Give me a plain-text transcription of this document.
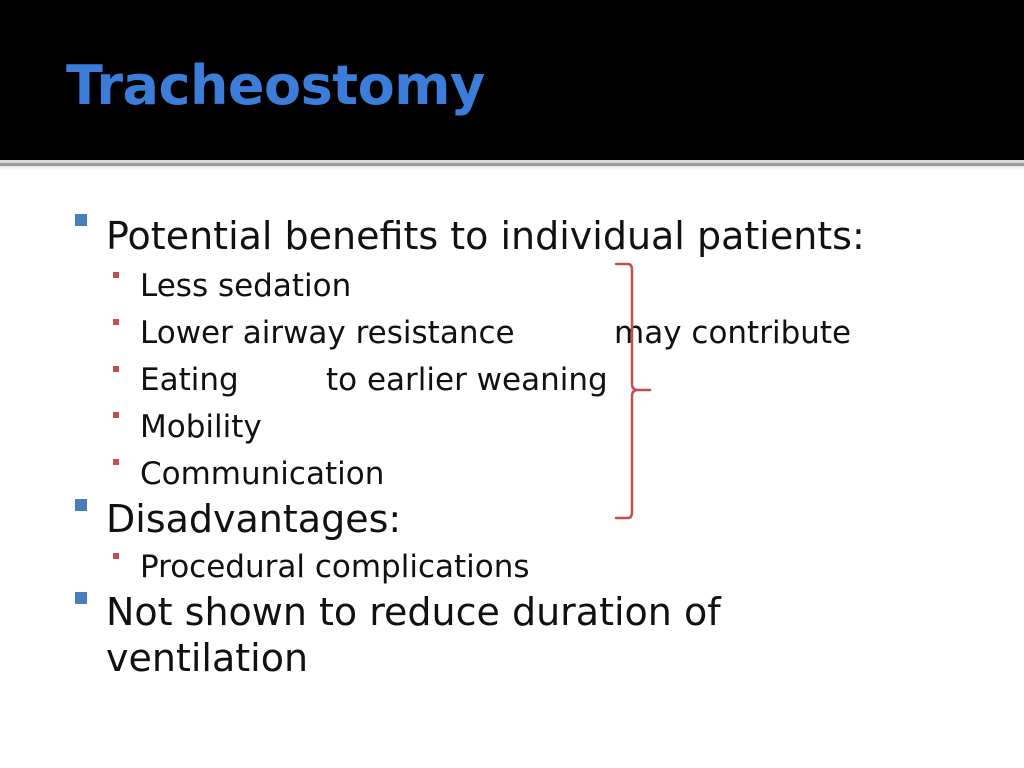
Tracheostomy
Potential benefits to individual patients:
Less sedation
Lower airway resistance
Eating
Mobility
Communication
may contribute
to earlier weaning
Disadvantages:
Procedural complications
Not shown to reduce duration of
ventilation
